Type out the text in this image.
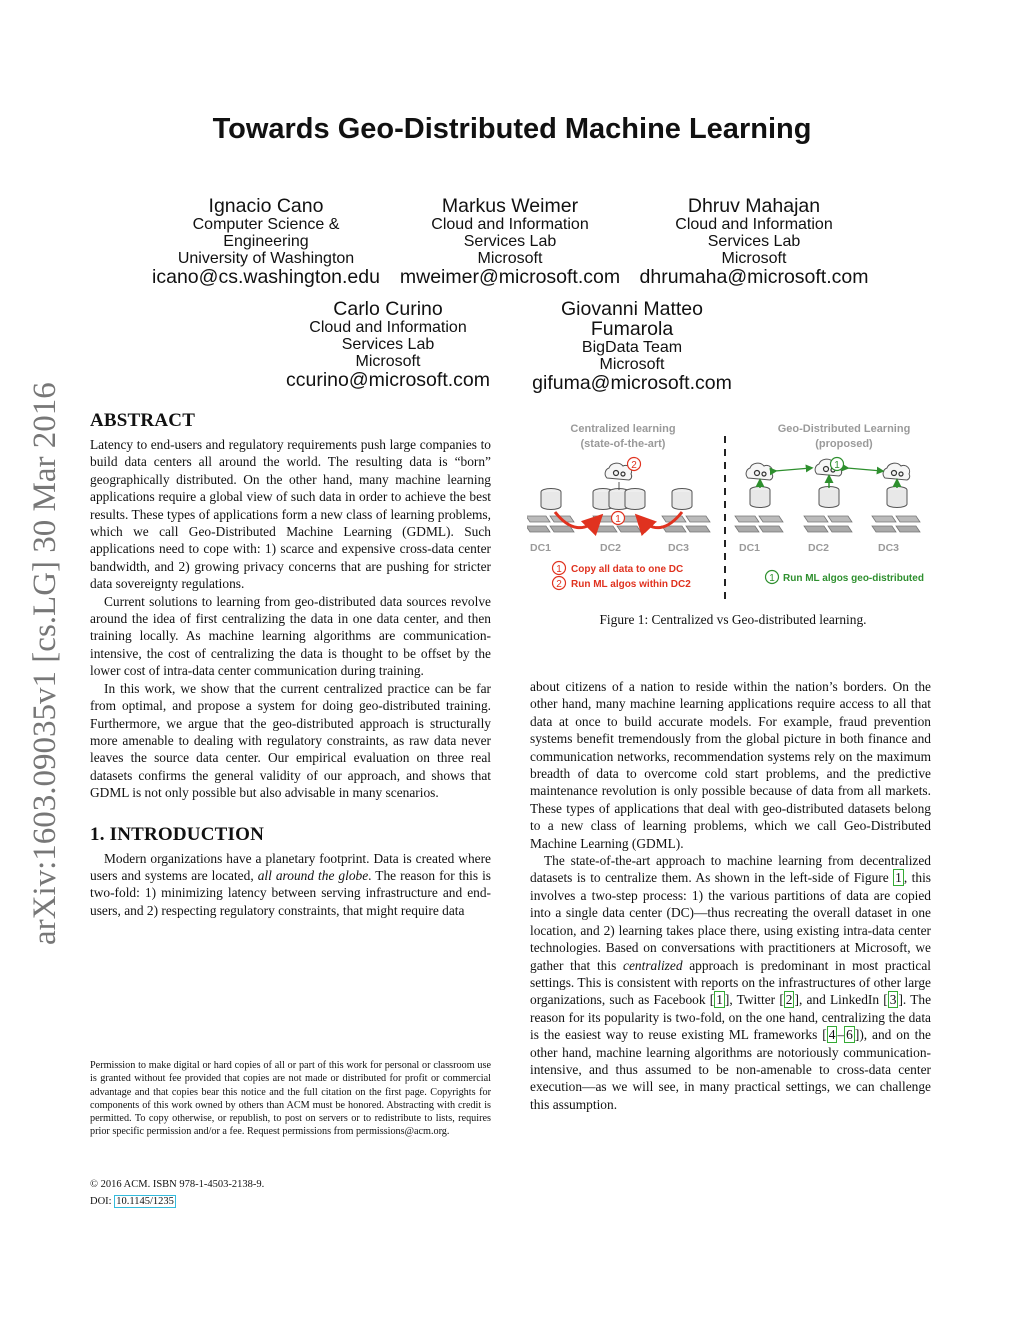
arXiv:1603.09035v1 [cs.LG] 30 Mar 2016
Towards Geo-Distributed Machine Learning
Ignacio Cano
Computer Science &
Engineering
University of Washington
icano@cs.washington.edu
Markus Weimer
Cloud and Information
Services Lab
Microsoft
mweimer@microsoft.com
Dhruv Mahajan
Cloud and Information
Services Lab
Microsoft
dhrumaha@microsoft.com
Carlo Curino
Cloud and Information
Services Lab
Microsoft
ccurino@microsoft.com
Giovanni Matteo
Fumarola
BigData Team
Microsoft
gifuma@microsoft.com
ABSTRACT

Latency to end-users and regulatory requirements push large companies to build data centers all around the world. The resulting data is “born” geographically distributed. On the other hand, many machine learning applications require a global view of such data in order to achieve the best results. These types of applications form a new class of learning problems, which we call Geo-Distributed Machine Learning (GDML). Such applications need to cope with: 1) scarce and expensive cross-data center bandwidth, and 2) growing privacy concerns that are pushing for stricter data sovereignty regulations.

Current solutions to learning from geo-distributed data sources revolve around the idea of first centralizing the data in one data center, and then training locally. As machine learning algorithms are communication-intensive, the cost of centralizing the data is thought to be offset by the lower cost of intra-data center communication during training.

In this work, we show that the current centralized practice can be far from optimal, and propose a system for doing geo-distributed training. Furthermore, we argue that the geo-distributed approach is structurally more amenable to dealing with regulatory constraints, as raw data never leaves the source data center. Our empirical evaluation on three real datasets confirms the general validity of our approach, and shows that GDML is not only possible but also advisable in many scenarios.

1. INTRODUCTION

Modern organizations have a planetary footprint. Data is created where users and systems are located, all around the globe. The reason for this is two-fold: 1) minimizing latency between serving infrastructure and end-users, and 2) respecting regulatory constraints, that might require data

Permission to make digital or hard copies of all or part of this work for personal or classroom use is granted without fee provided that copies are not made or distributed for profit or commercial advantage and that copies bear this notice and the full citation on the first page. Copyrights for components of this work owned by others than ACM must be honored. Abstracting with credit is permitted. To copy otherwise, or republish, to post on servers or to redistribute to lists, requires prior specific permission and/or a fee. Request permissions from permissions@acm.org.
© 2016 ACM. ISBN 978-1-4503-2138-9.
DOI: 10.1145/1235
Centralized learning
(state-of-the-art)
Geo-Distributed Learning
(proposed)
1
2
DC1	DC2	DC3
1 Copy all data to one DC
2 Run ML algos within DC2
1
DC1	DC2	DC3
1 Run ML algos geo-distributed
Figure 1: Centralized vs Geo-distributed learning.

about citizens of a nation to reside within the nation’s borders. On the other hand, many machine learning applications require access to all that data at once to build accurate models. For example, fraud prevention systems benefit tremendously from the global picture in both finance and communication networks, recommendation systems rely on the maximum breadth of data to overcome cold start problems, and the predictive maintenance revolution is only possible because of data from all markets. These types of applications that deal with geo-distributed datasets belong to a new class of learning problems, which we call Geo-Distributed Machine Learning (GDML).

The state-of-the-art approach to machine learning from decentralized datasets is to centralize them. As shown in the left-side of Figure 1 , this involves a two-step process: 1) the various partitions of data are copied into a single data center (DC)—thus recreating the overall dataset in one location, and 2) learning takes place there, using existing intra-data center technologies. Based on conversations with practitioners at Microsoft, we gather that this centralized approach is predominant in most practical settings. This is consistent with reports on the infrastructures of other large organizations, such as Facebook [ 1 ], Twitter [ 2 ], and LinkedIn [ 3 ]. The reason for its popularity is two-fold, on the one hand, centralizing the data is the easiest way to reuse existing ML frameworks [ 4 – 6 ]), and on the other hand, machine learning algorithms are notoriously communication-intensive, and thus assumed to be non-amenable to cross-data center execution—as we will see, in many practical settings, we can challenge this assumption.
